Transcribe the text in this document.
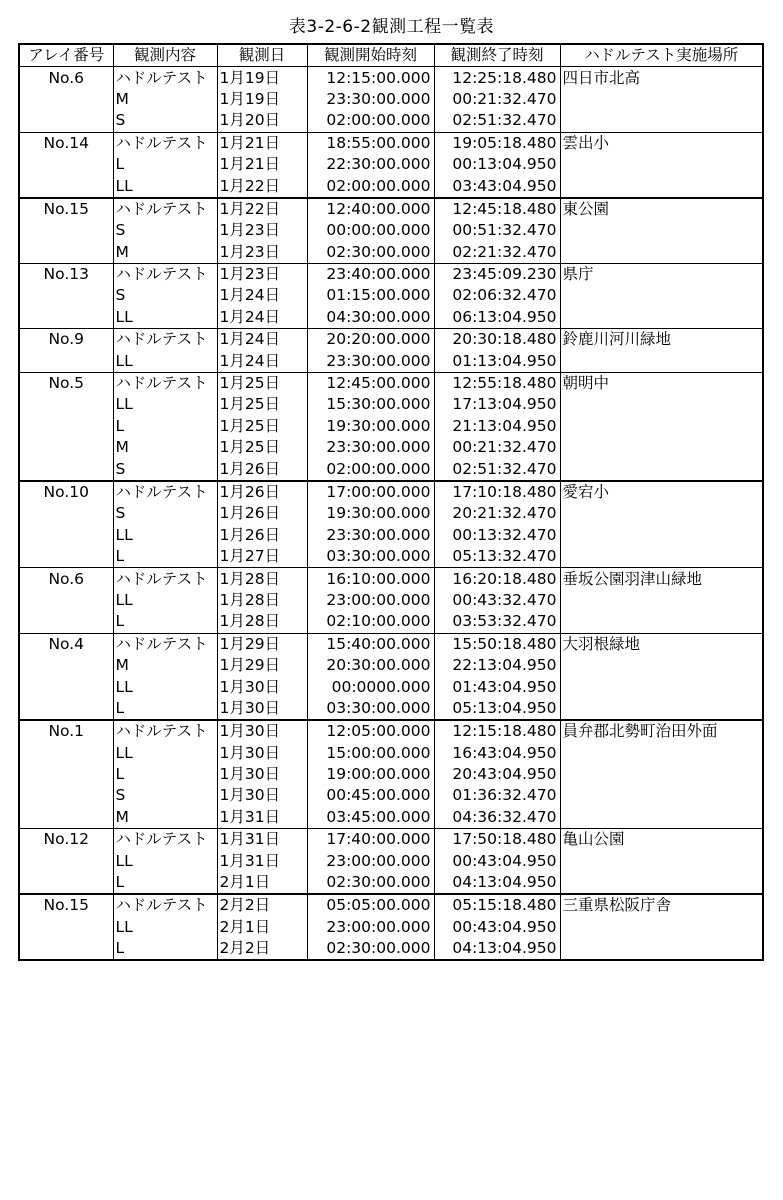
表3-2-6-2観測工程一覧表
アレイ番号	観測内容	観測日	観測開始時刻	観測終了時刻	ハドルテスト実施場所
No.6	ハドルテスト	1月19日	12:15:00.000	12:25:18.480	四日市北高
	M	1月19日	23:30:00.000	00:21:32.470	
	S	1月20日	02:00:00.000	02:51:32.470	
No.14	ハドルテスト	1月21日	18:55:00.000	19:05:18.480	雲出小
	L	1月21日	22:30:00.000	00:13:04.950	
	LL	1月22日	02:00:00.000	03:43:04.950	
No.15	ハドルテスト	1月22日	12:40:00.000	12:45:18.480	東公園
	S	1月23日	00:00:00.000	00:51:32.470	
	M	1月23日	02:30:00.000	02:21:32.470	
No.13	ハドルテスト	1月23日	23:40:00.000	23:45:09.230	県庁
	S	1月24日	01:15:00.000	02:06:32.470	
	LL	1月24日	04:30:00.000	06:13:04.950	
No.9	ハドルテスト	1月24日	20:20:00.000	20:30:18.480	鈴鹿川河川緑地
	LL	1月24日	23:30:00.000	01:13:04.950	
No.5	ハドルテスト	1月25日	12:45:00.000	12:55:18.480	朝明中
	LL	1月25日	15:30:00.000	17:13:04.950	
	L	1月25日	19:30:00.000	21:13:04.950	
	M	1月25日	23:30:00.000	00:21:32.470	
	S	1月26日	02:00:00.000	02:51:32.470	
No.10	ハドルテスト	1月26日	17:00:00.000	17:10:18.480	愛宕小
	S	1月26日	19:30:00.000	20:21:32.470	
	LL	1月26日	23:30:00.000	00:13:32.470	
	L	1月27日	03:30:00.000	05:13:32.470	
No.6	ハドルテスト	1月28日	16:10:00.000	16:20:18.480	垂坂公園羽津山緑地
	LL	1月28日	23:00:00.000	00:43:32.470	
	L	1月28日	02:10:00.000	03:53:32.470	
No.4	ハドルテスト	1月29日	15:40:00.000	15:50:18.480	大羽根緑地
	M	1月29日	20:30:00.000	22:13:04.950	
	LL	1月30日	00:0000.000	01:43:04.950	
	L	1月30日	03:30:00.000	05:13:04.950	
No.1	ハドルテスト	1月30日	12:05:00.000	12:15:18.480	員弁郡北勢町治田外面
	LL	1月30日	15:00:00.000	16:43:04.950	
	L	1月30日	19:00:00.000	20:43:04.950	
	S	1月30日	00:45:00.000	01:36:32.470	
	M	1月31日	03:45:00.000	04:36:32.470	
No.12	ハドルテスト	1月31日	17:40:00.000	17:50:18.480	亀山公園
	LL	1月31日	23:00:00.000	00:43:04.950	
	L	2月1日	02:30:00.000	04:13:04.950	
No.15	ハドルテスト	2月2日	05:05:00.000	05:15:18.480	三重県松阪庁舎
	LL	2月1日	23:00:00.000	00:43:04.950	
	L	2月2日	02:30:00.000	04:13:04.950	
